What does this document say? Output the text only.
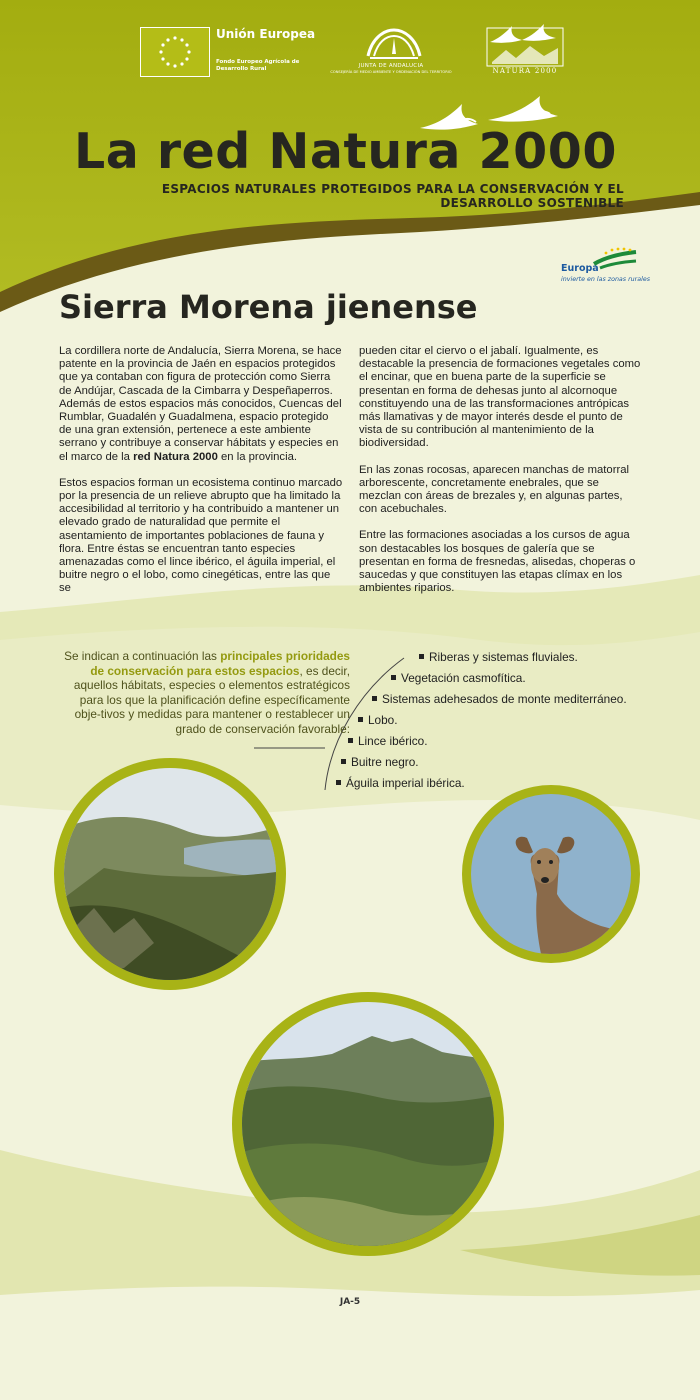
Unión Europea
Fondo Europeo Agrícola de Desarrollo Rural	JUNTA DE ANDALUCIA
CONSEJERÍA DE MEDIO AMBIENTE Y ORDENACIÓN DEL TERRITORIO	NATURA 2000
La red Natura 2000
ESPACIOS NATURALES PROTEGIDOS PARA LA CONSERVACIÓN Y EL DESARROLLO SOSTENIBLE
Europa
invierte en las zonas rurales
Sierra Morena jienense

La cordillera norte de Andalucía, Sierra Morena, se hace patente en la provincia de Jaén en espacios protegidos que ya contaban con figura de protección como Sierra de Andújar, Cascada de la Cimbarra y Despeñaperros. Además de estos espacios más conocidos, Cuencas del Rumblar, Guadalén y Guadalmena, espacio protegido de una gran extensión, pertenece a este ambiente serrano y contribuye a conservar hábitats y especies en el marco de la red Natura 2000 en la provincia.

Estos espacios forman un ecosistema continuo marcado por la presencia de un relieve abrupto que ha limitado la accesibilidad al territorio y ha contribuido a mantener un elevado grado de naturalidad que permite el asentamiento de importantes poblaciones de fauna y flora. Entre éstas se encuentran tanto especies amenazadas como el lince ibérico, el águila imperial, el buitre negro o el lobo, como cinegéticas, entre las que se

pueden citar el ciervo o el jabalí. Igualmente, es destacable la presencia de formaciones vegetales como el encinar, que en buena parte de la superficie se presentan en forma de dehesas junto al alcornoque constituyendo una de las transformaciones antrópicas más llamativas y de mayor interés desde el punto de vista de su contribución al mantenimiento de la biodiversidad.

En las zonas rocosas, aparecen manchas de matorral arborescente, concretamente enebrales, que se mezclan con áreas de brezales y, en algunas partes, con acebuchales.

Entre las formaciones asociadas a los cursos de agua son destacables los bosques de galería que se presentan en forma de fresnedas, alisedas, choperas o saucedas y que constituyen las etapas clímax en los ambientes riparios.

Se indican a continuación las principales prioridades de conservación para estos espacios, es decir, aquellos hábitats, especies o elementos estratégicos para los que la planificación define específicamente obje-tivos y medidas para mantener o restablecer un grado de conservación favorable:
Riberas y sistemas fluviales.
Vegetación casmofítica.
Sistemas adehesados de monte mediterráneo.
Lobo.
Lince ibérico.
Buitre negro.
Águila imperial ibérica.
JA-5
